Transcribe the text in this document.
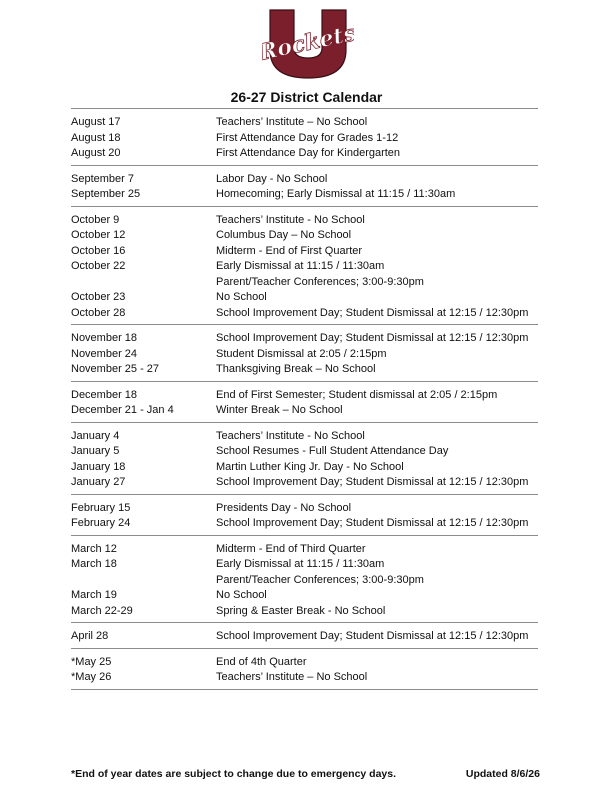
Rockets
26-27 District Calendar
August 17	Teachers’ Institute – No School
August 18	First Attendance Day for Grades 1-12
August 20	First Attendance Day for Kindergarten
September 7	Labor Day - No School
September 25	Homecoming; Early Dismissal at 11:15 / 11:30am
October 9	Teachers’ Institute - No School
October 12	Columbus Day – No School
October 16	Midterm - End of First Quarter
October 22	Early Dismissal at 11:15 / 11:30am
Parent/Teacher Conferences; 3:00-9:30pm
October 23	No School
October 28	School Improvement Day; Student Dismissal at 12:15 / 12:30pm
November 18	School Improvement Day; Student Dismissal at 12:15 / 12:30pm
November 24	Student Dismissal at 2:05 / 2:15pm
November 25 - 27	Thanksgiving Break – No School
December 18	End of First Semester; Student dismissal at 2:05 / 2:15pm
December 21 - Jan 4	Winter Break – No School
January 4	Teachers’ Institute - No School
January 5	School Resumes - Full Student Attendance Day
January 18	Martin Luther King Jr. Day - No School
January 27	School Improvement Day; Student Dismissal at 12:15 / 12:30pm
February 15	Presidents Day - No School
February 24	School Improvement Day; Student Dismissal at 12:15 / 12:30pm
March 12	Midterm - End of Third Quarter
March 18	Early Dismissal at 11:15 / 11:30am
Parent/Teacher Conferences; 3:00-9:30pm
March 19	No School
March 22-29	Spring & Easter Break - No School
April 28	School Improvement Day; Student Dismissal at 12:15 / 12:30pm
*May 25	End of 4th Quarter
*May 26	Teachers’ Institute – No School
*End of year dates are subject to change due to emergency days.	Updated 8/6/26
